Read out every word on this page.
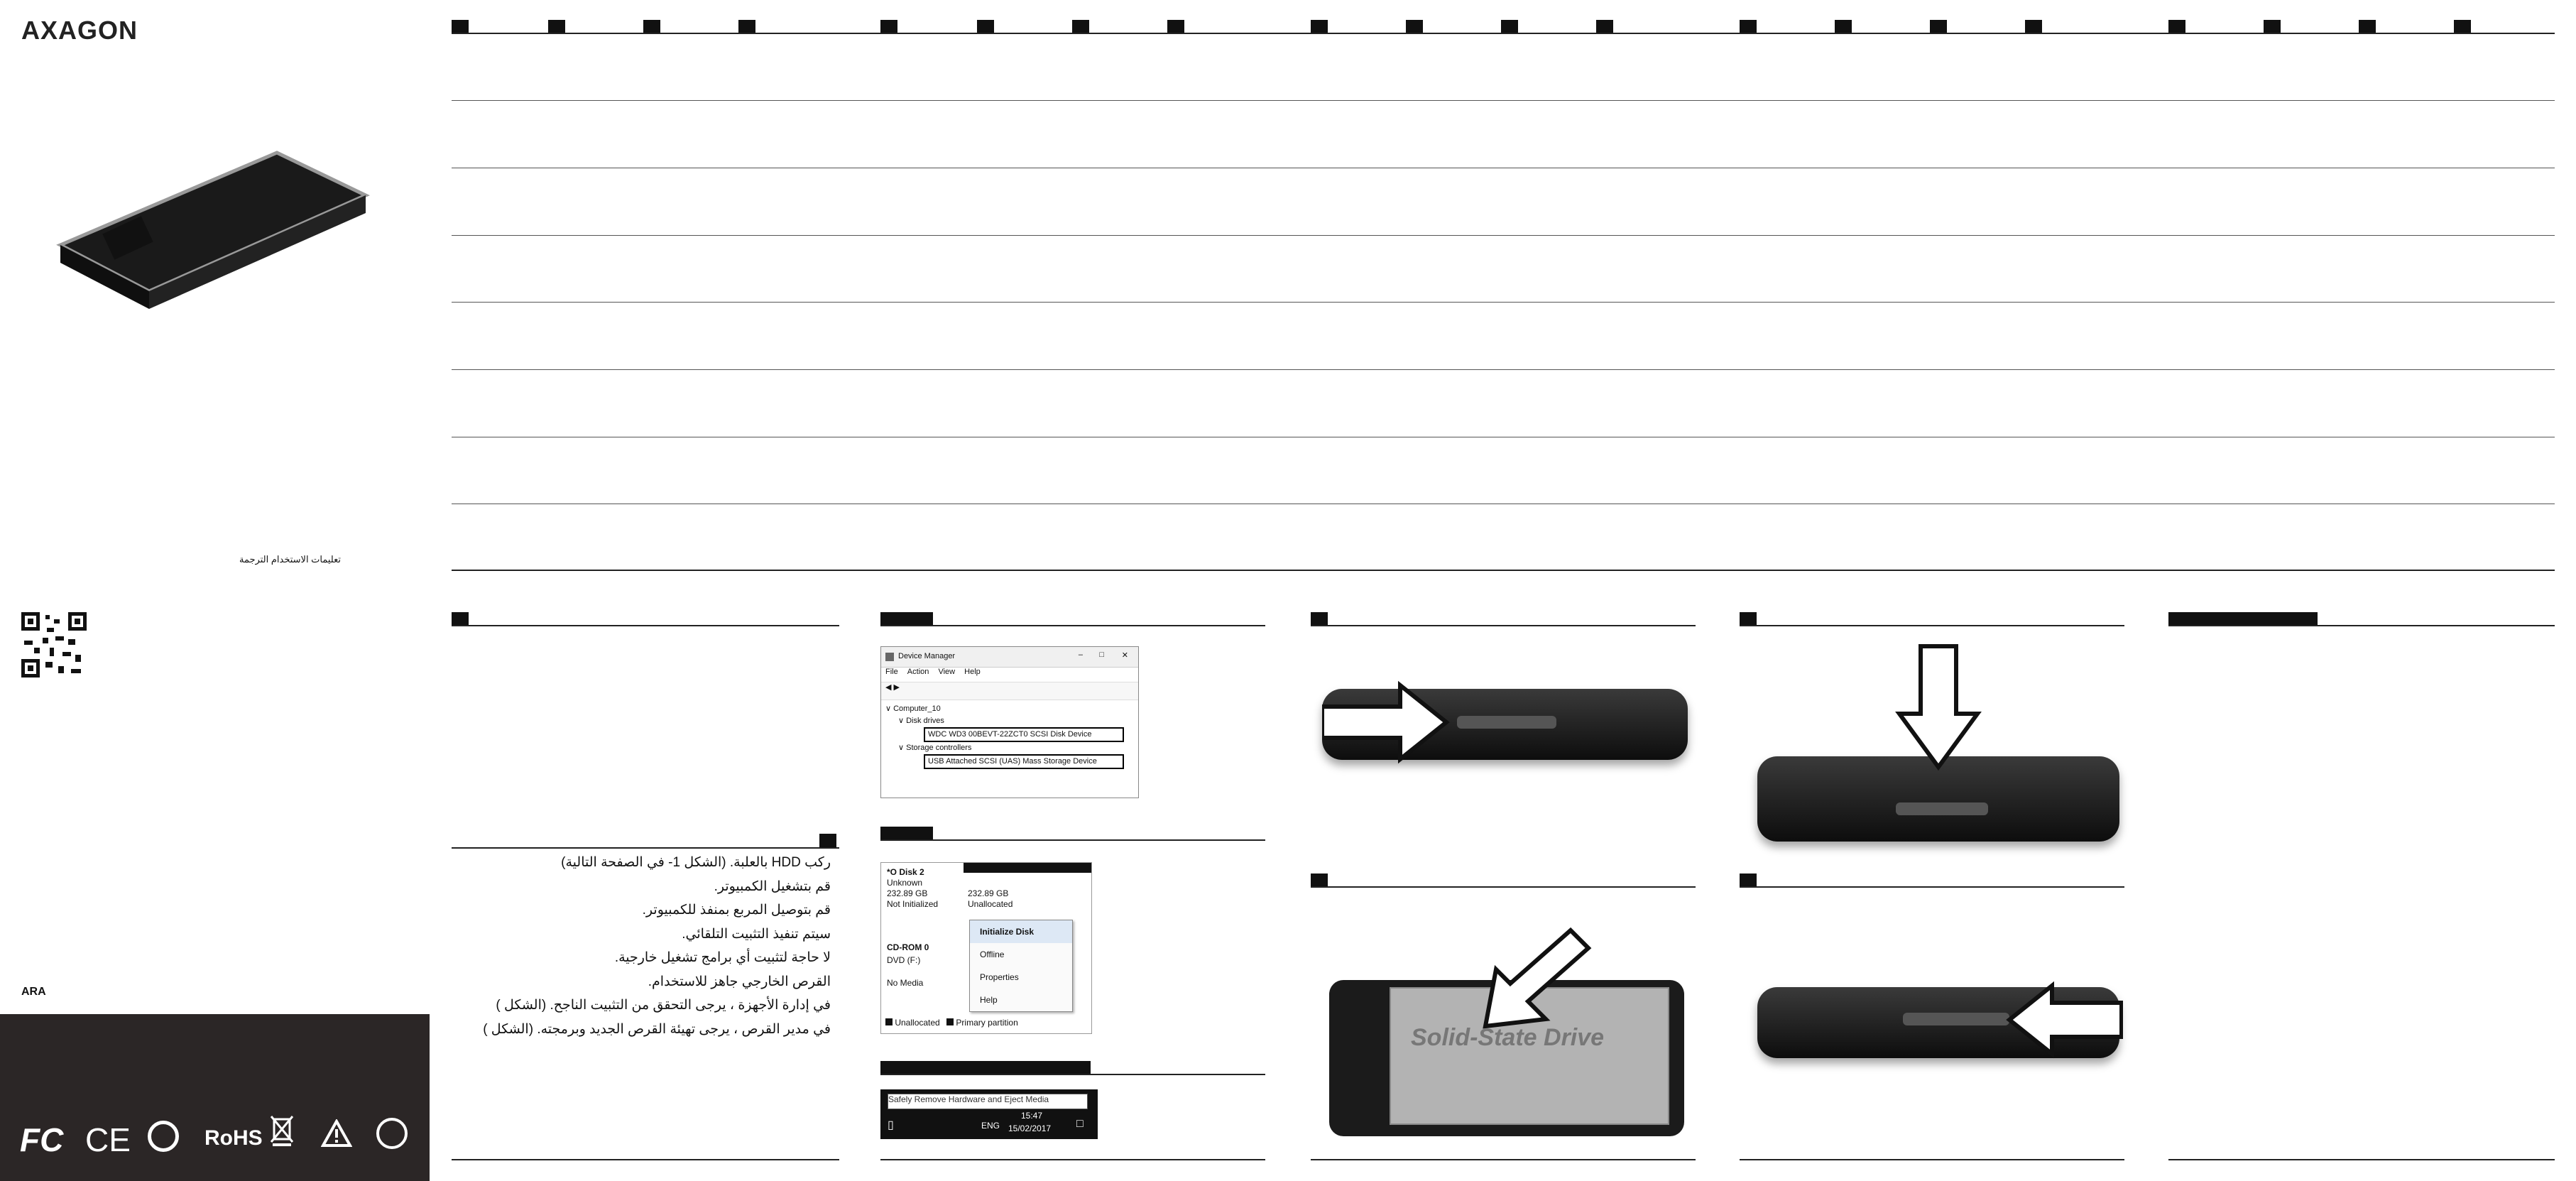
AXAGON
تعليمات الاستخدام الترجمة
ARA
FC CE	RoHS
ركب HDD بالعلبة. (الشكل 1- في الصفحة التالية)
قم بتشغيل الكمبيوتر.
قم بتوصيل المربع بمنفذ للكمبيوتر.
سيتم تنفيذ التثبيت التلقائي.
لا حاجة لتثبيت أي برامج تشغيل خارجية.
القرص الخارجي جاهز للاستخدام.
في إدارة الأجهزة ، يرجى التحقق من التثبيت الناجح. (الشكل )
في مدير القرص ، يرجى تهيئة القرص الجديد وبرمجته. (الشكل )
Device Manager	– □ ✕
File Action View Help
◀ ▶
∨ Computer_10
∨ Disk drives
WDC WD3 00BEVT-22ZCT0 SCSI Disk Device
∨ Storage controllers
USB Attached SCSI (UAS) Mass Storage Device
*O Disk 2
Unknown
232.89 GB
Not Initialized
232.89 GB
Unallocated
CD-ROM 0
DVD (F:)
No Media
Initialize Disk
Offline
Properties
Help
Unallocated Primary partition
▯	ENG
15:47
15/02/2017 □
Safely Remove Hardware and Eject Media
Solid-State Drive
